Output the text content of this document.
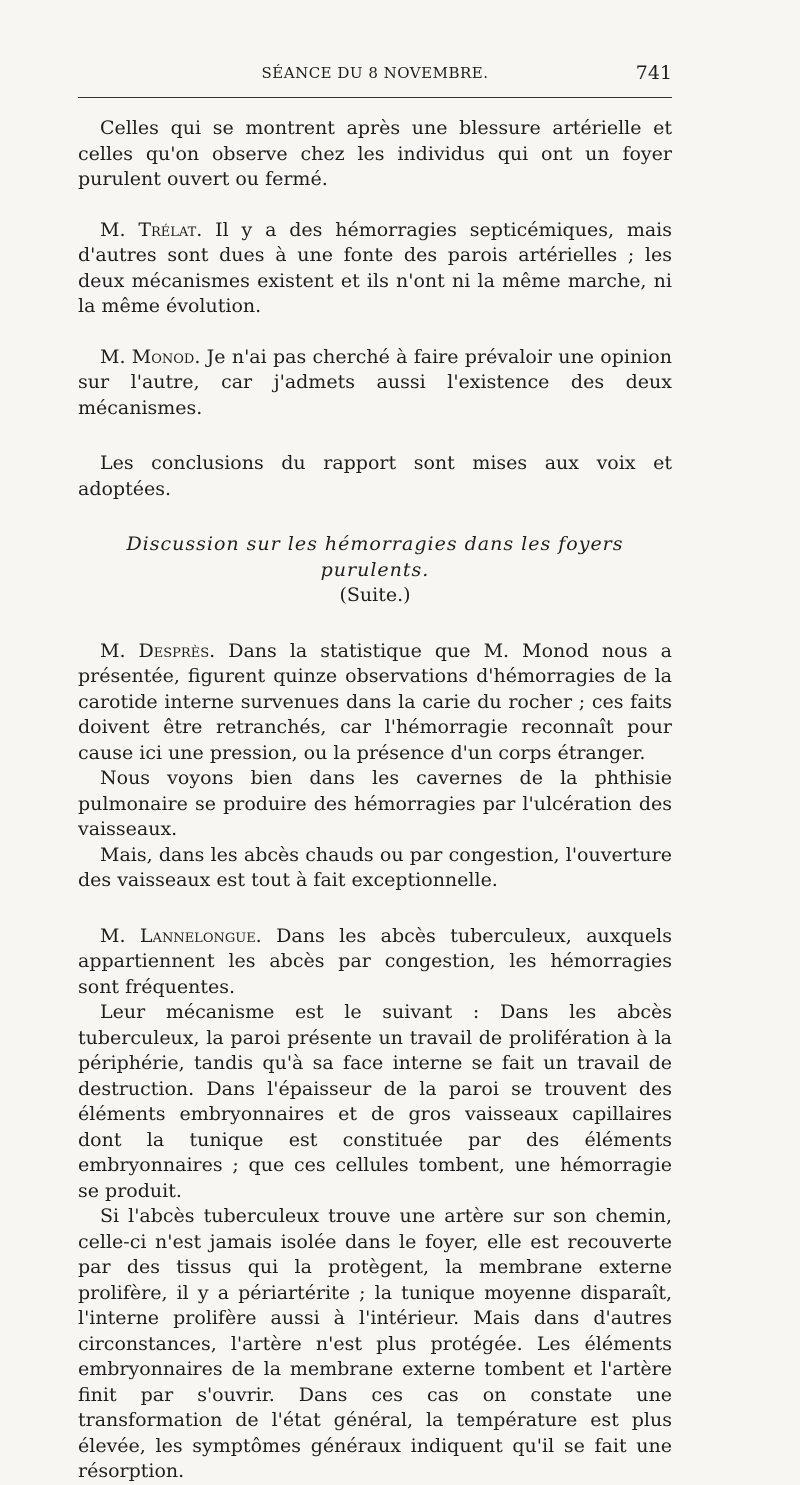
SÉANCE DU 8 NOVEMBRE.	741

Celles qui se montrent après une blessure artérielle et celles qu'on observe chez les individus qui ont un foyer purulent ouvert ou fermé.

M. Trélat. Il y a des hémorragies septicémiques, mais d'autres sont dues à une fonte des parois artérielles ; les deux mécanismes existent et ils n'ont ni la même marche, ni la même évolution.

M. Monod. Je n'ai pas cherché à faire prévaloir une opinion sur l'autre, car j'admets aussi l'existence des deux mécanismes.

Les conclusions du rapport sont mises aux voix et adoptées.

Discussion sur les hémorragies dans les foyers purulents.

(Suite.)

M. Desprès. Dans la statistique que M. Monod nous a présentée, figurent quinze observations d'hémorragies de la carotide interne survenues dans la carie du rocher ; ces faits doivent être retranchés, car l'hémorragie reconnaît pour cause ici une pression, ou la présence d'un corps étranger.

Nous voyons bien dans les cavernes de la phthisie pulmonaire se produire des hémorragies par l'ulcération des vaisseaux.

Mais, dans les abcès chauds ou par congestion, l'ouverture des vaisseaux est tout à fait exceptionnelle.

M. Lannelongue. Dans les abcès tuberculeux, auxquels appartiennent les abcès par congestion, les hémorragies sont fréquentes.

Leur mécanisme est le suivant : Dans les abcès tuberculeux, la paroi présente un travail de prolifération à la périphérie, tandis qu'à sa face interne se fait un travail de destruction. Dans l'épaisseur de la paroi se trouvent des éléments embryonnaires et de gros vaisseaux capillaires dont la tunique est constituée par des éléments embryonnaires ; que ces cellules tombent, une hémorragie se produit.

Si l'abcès tuberculeux trouve une artère sur son chemin, celle-ci n'est jamais isolée dans le foyer, elle est recouverte par des tissus qui la protègent, la membrane externe prolifère, il y a périartérite ; la tunique moyenne disparaît, l'interne prolifère aussi à l'intérieur. Mais dans d'autres circonstances, l'artère n'est plus protégée. Les éléments embryonnaires de la membrane externe tombent et l'artère finit par s'ouvrir. Dans ces cas on constate une transformation de l'état général, la température est plus élevée, les symptômes généraux indiquent qu'il se fait une résorption.
